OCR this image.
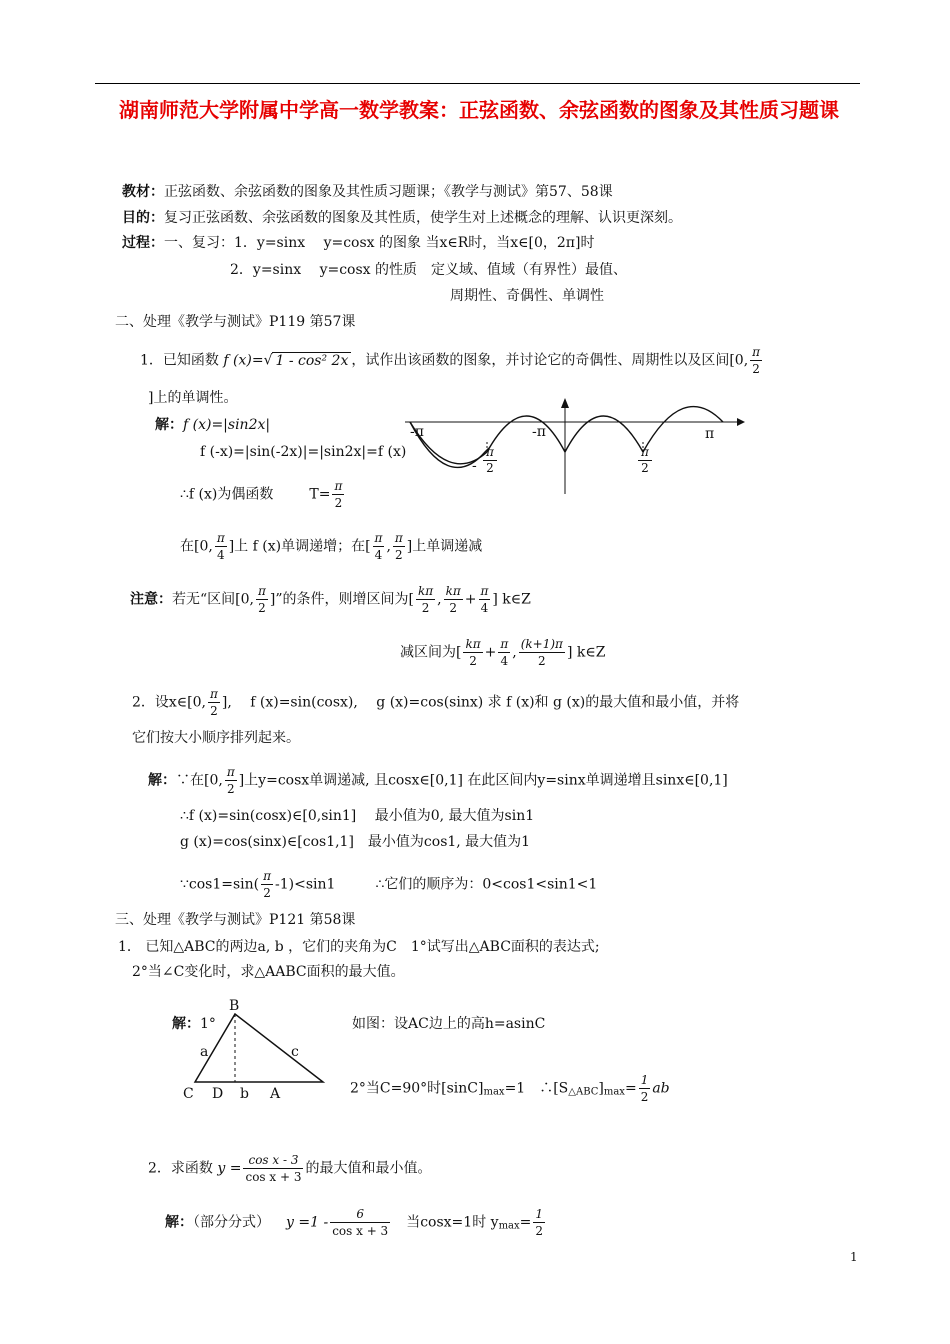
湖南师范大学附属中学高一数学教案：正弦函数、余弦函数的图象及其性质习题课
教材：正弦函数、余弦函数的图象及其性质习题课；《教学与测试》第57、58课
目的：复习正弦函数、余弦函数的图象及其性质，使学生对上述概念的理解、认识更深刻。
过程：一、复习：1．y=sinx　 y=cosx 的图象 当x∈R时，当x∈[0，2π]时
2．y=sinx　 y=cosx 的性质　定义域、值域（有界性）最值、
周期性、奇偶性、单调性
二、处理《教学与测试》P119 第57课
1．已知函数 f (x)=√ 1 - cos² 2x ，试作出该函数的图象，并讨论它的奇偶性、周期性以及区间[0, $\frac{\pi}{2}$
]上的单调性。
解：f (x)=|sin2x|
f (-x)=|sin(-2x)|=|sin2x|=f (x)
∴f (x)为偶函数	$T= \frac{\pi}{2}$
-π	-π	π
-
π
2
π
2
在[0, $\frac{\pi}{4}$ ]上 f (x)单调递增；在[ $\frac{\pi}{4}$ , $\frac{\pi}{2}$ ]上单调递减
注意：若无“区间[0, $\frac{\pi}{2}$ ]”的条件，则增区间为[ $\frac{k\pi}{2}$ , $\frac{k\pi}{2} + \frac{\pi}{4}$ ] k∈Z
减区间为[ $\frac{k\pi}{2} + \frac{\pi}{4}$ , $\frac{(k+1)\pi}{2}$ ] k∈Z
2．设x∈[0, $\frac{\pi}{2}$ ],　 f (x)=sin(cosx),　 g (x)=cos(sinx) 求 f (x)和 g (x)的最大值和最小值，并将
它们按大小顺序排列起来。
解：∵在[0, $\frac{\pi}{2}$ ]上y=cosx单调递减, 且cosx∈[0,1] 在此区间内y=sinx单调递增且sinx∈[0,1]
∴f (x)=sin(cosx)∈[0,sin1]　 最小值为0, 最大值为sin1
g (x)=cos(sinx)∈[cos1,1]　最小值为cos1, 最大值为1
∵cos1=sin( $\frac{\pi}{2} -1)<\sin 1$	∴它们的顺序为：0<cos1<sin1<1
三、处理《教学与测试》P121 第58课
1． 已知△ABC的两边a, b ，它们的夹角为C　1°试写出△ABC面积的表达式;
2°当∠C变化时，求△AABC面积的最大值。
解：1°
B
a	c
C D b A
如图：设AC边上的高h=asinC
2°当C=90°时$[\sin C]_{max}=1$　$\therefore[S_{\triangle ABC}]_{max}= \frac{1}{2}$ ab
2．求函数 $y = \frac{\text{cos x - 3}}{\text{cos x + 3}}$ 的最大值和最小值。
解：（部分分式） $y =1 - \frac{6}{\text{cos x + 3}}$ 当cosx=1时 $y_{max}= \frac{1}{2}$
1
